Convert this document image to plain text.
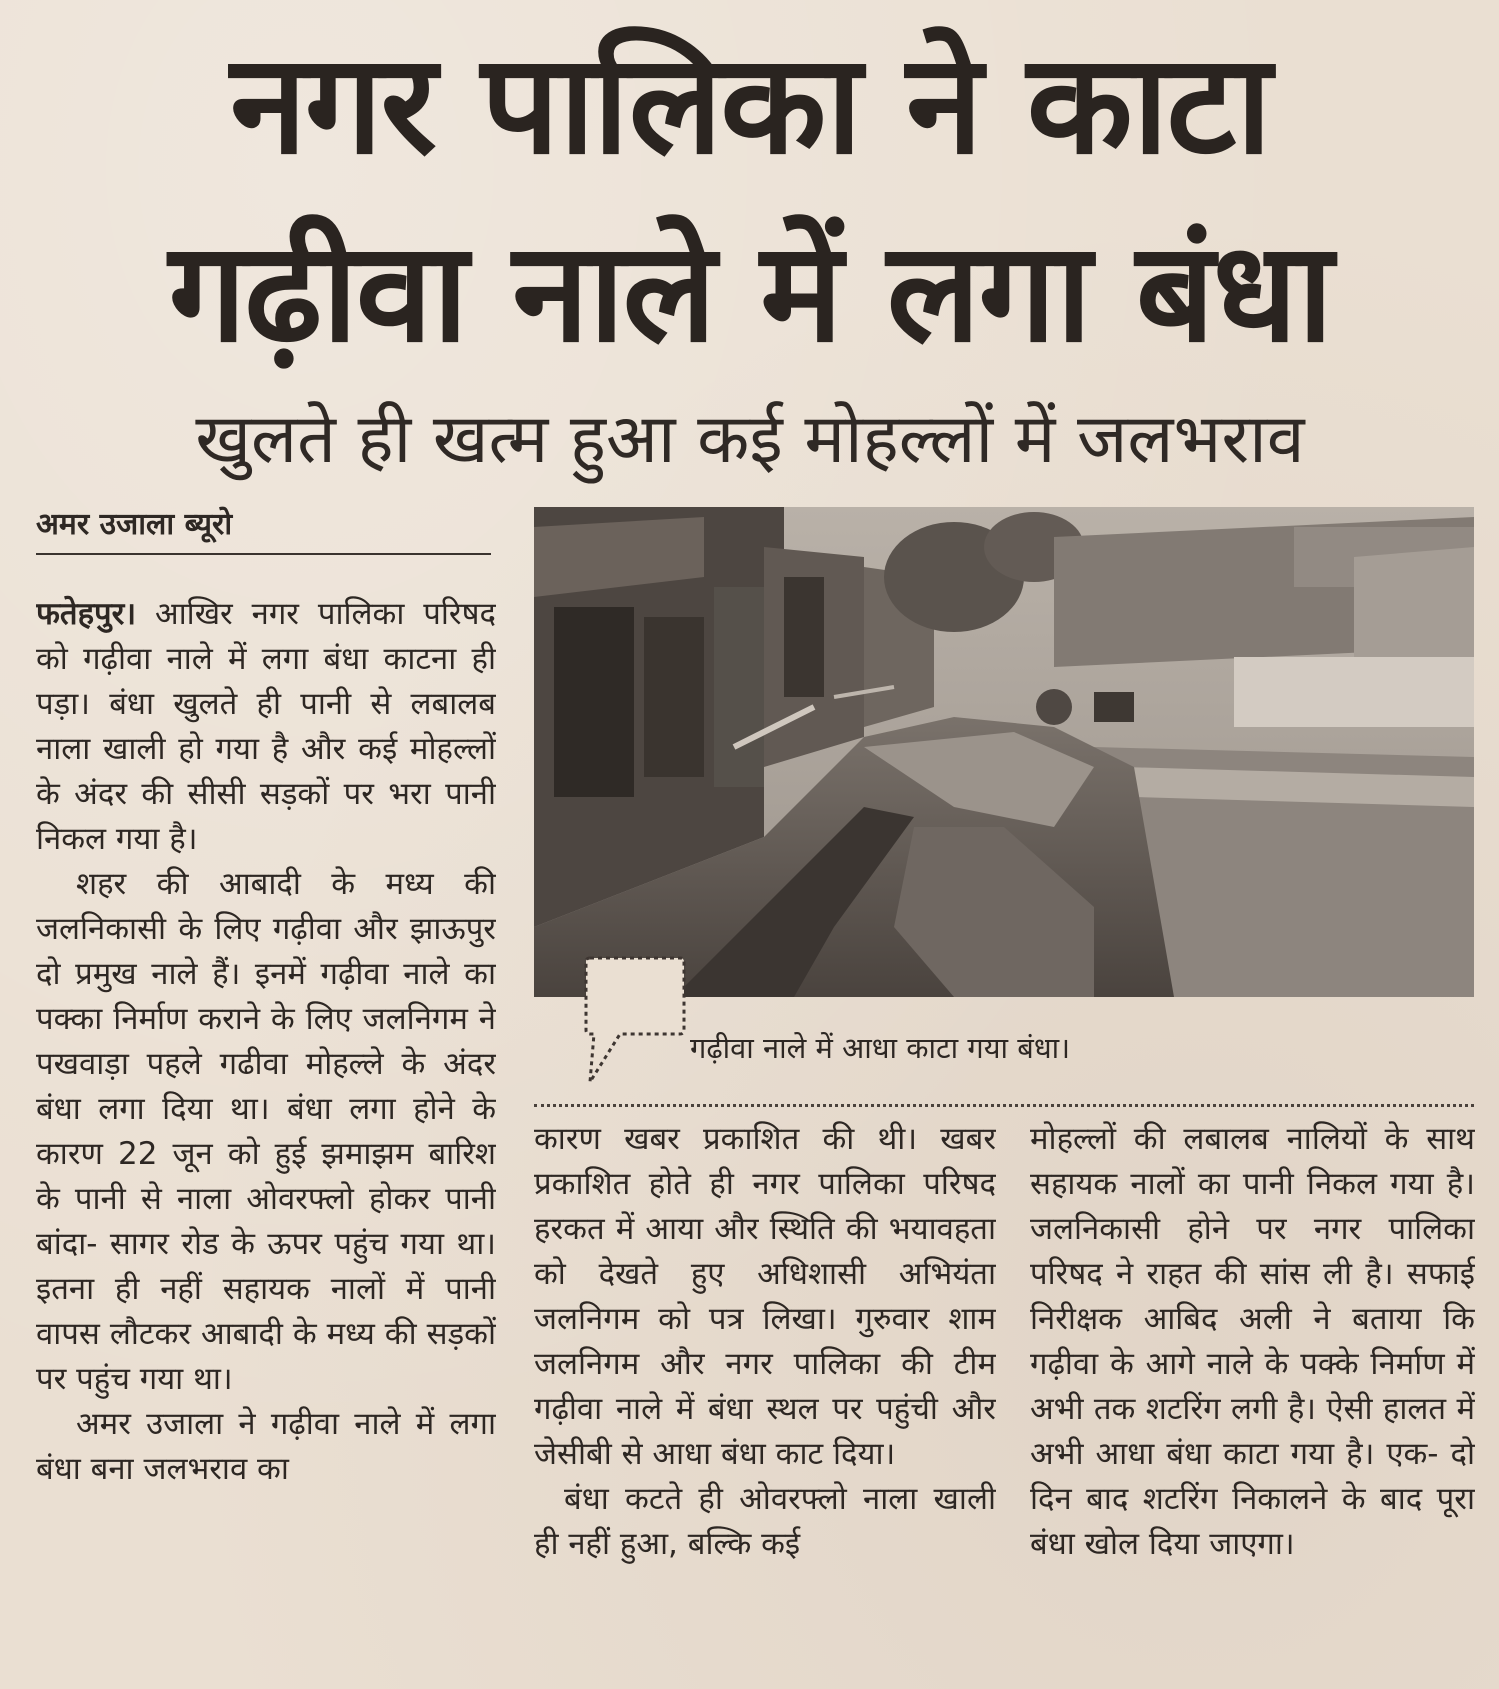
नगर पालिका ने काटा
गढ़ीवा नाले में लगा बंधा
खुलते ही खत्म हुआ कई मोहल्लों में जलभराव
अमर उजाला ब्यूरो

फतेहपुर। आखिर नगर पालिका परिषद को गढ़ीवा नाले में लगा बंधा काटना ही पड़ा। बंधा खुलते ही पानी से लबालब नाला खाली हो गया है और कई मोहल्लों के अंदर की सीसी सड़कों पर भरा पानी निकल गया है।

शहर की आबादी के मध्य की जलनिकासी के लिए गढ़ीवा और झाऊपुर दो प्रमुख नाले हैं। इनमें गढ़ीवा नाले का पक्का निर्माण कराने के लिए जलनिगम ने पखवाड़ा पहले गढीवा मोहल्ले के अंदर बंधा लगा दिया था। बंधा लगा होने के कारण 22 जून को हुई झमाझम बारिश के पानी से नाला ओवरफ्लो होकर पानी बांदा- सागर रोड के ऊपर पहुंच गया था। इतना ही नहीं सहायक नालों में पानी वापस लौटकर आबादी के मध्य की सड़कों पर पहुंच गया था।

अमर उजाला ने गढ़ीवा नाले में लगा बंधा बना जलभराव का

गढ़ीवा नाले में आधा काटा गया बंधा।

कारण खबर प्रकाशित की थी। खबर प्रकाशित होते ही नगर पालिका परिषद हरकत में आया और स्थिति की भयावहता को देखते हुए अधिशासी अभियंता जलनिगम को पत्र लिखा। गुरुवार शाम जलनिगम और नगर पालिका की टीम गढ़ीवा नाले में बंधा स्थल पर पहुंची और जेसीबी से आधा बंधा काट दिया।

बंधा कटते ही ओवरफ्लो नाला खाली ही नहीं हुआ, बल्कि कई

मोहल्लों की लबालब नालियों के साथ सहायक नालों का पानी निकल गया है। जलनिकासी होने पर नगर पालिका परिषद ने राहत की सांस ली है। सफाई निरीक्षक आबिद अली ने बताया कि गढ़ीवा के आगे नाले के पक्के निर्माण में अभी तक शटरिंग लगी है। ऐसी हालत में अभी आधा बंधा काटा गया है। एक- दो दिन बाद शटरिंग निकालने के बाद पूरा बंधा खोल दिया जाएगा।
